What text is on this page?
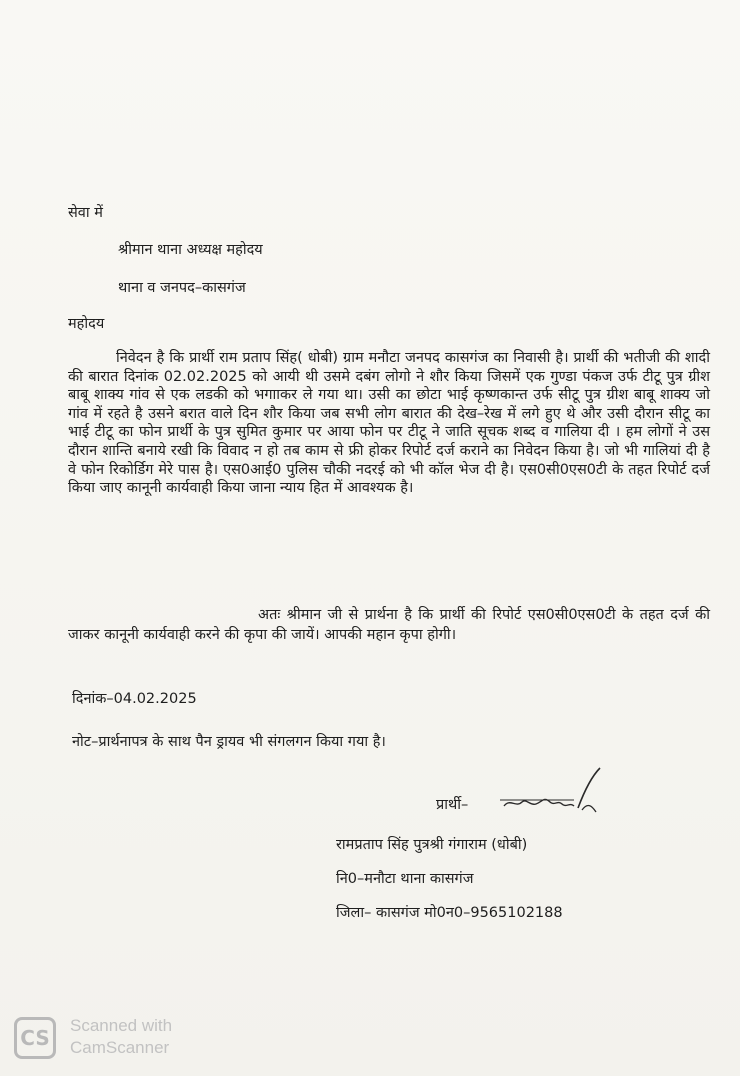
सेवा में
श्रीमान थाना अध्यक्ष महोदय
थाना व जनपद–कासगंज
महोदय
निवेदन है कि प्रार्थी राम प्रताप सिंह( धोबी) ग्राम मनौटा जनपद कासगंज का निवासी है। प्रार्थी की भतीजी की शादी की बारात दिनांक 02.02.2025 को आयी थी उसमे दबंग लोगो ने शौर किया जिसमें एक गुण्डा पंकज उर्फ टीटू पुत्र ग्रीश बाबू शाक्य गांव से एक लडकी को भगााकर ले गया था। उसी का छोटा भाई कृष्णकान्त उर्फ सीटू पुत्र ग्रीश बाबू शाक्य जो गांव में रहते है उसने बरात वाले दिन शौर किया जब सभी लोग बारात की देख–रेख में लगे हुए थे और उसी दौरान सीटू का भाई टीटू का फोन प्रार्थी के पुत्र सुमित कुमार पर आया फोन पर टीटू ने जाति सूचक शब्द व गालिया दी । हम लोगों ने उस दौरान शान्ति बनाये रखी कि विवाद न हो तब काम से फ्री होकर रिपोर्ट दर्ज कराने का निवेदन किया है। जो भी गालियां दी है वे फोन रिकोर्डिग मेरे पास है। एस0आई0 पुलिस चौकी नदरई को भी कॉल भेज दी है। एस0सी0एस0टी के तहत रिपोर्ट दर्ज किया जाए कानूनी कार्यवाही किया जाना न्याय हित में आवश्यक है।
अतः श्रीमान जी से प्रार्थना है कि प्रार्थी की रिपोर्ट एस0सी0एस0टी के तहत दर्ज की जाकर कानूनी कार्यवाही करने की कृपा की जायें। आपकी महान कृपा होगी।
दिनांक–04.02.2025
नोट–प्रार्थनापत्र के साथ पैन ड्रायव भी संगलगन किया गया है।
प्रार्थी–
रामप्रताप सिंह पुत्रश्री गंगाराम (धोबी)
नि0–मनौटा थाना कासगंज
जिला– कासगंज मो0न0–9565102188
CS
Scanned with
CamScanner
